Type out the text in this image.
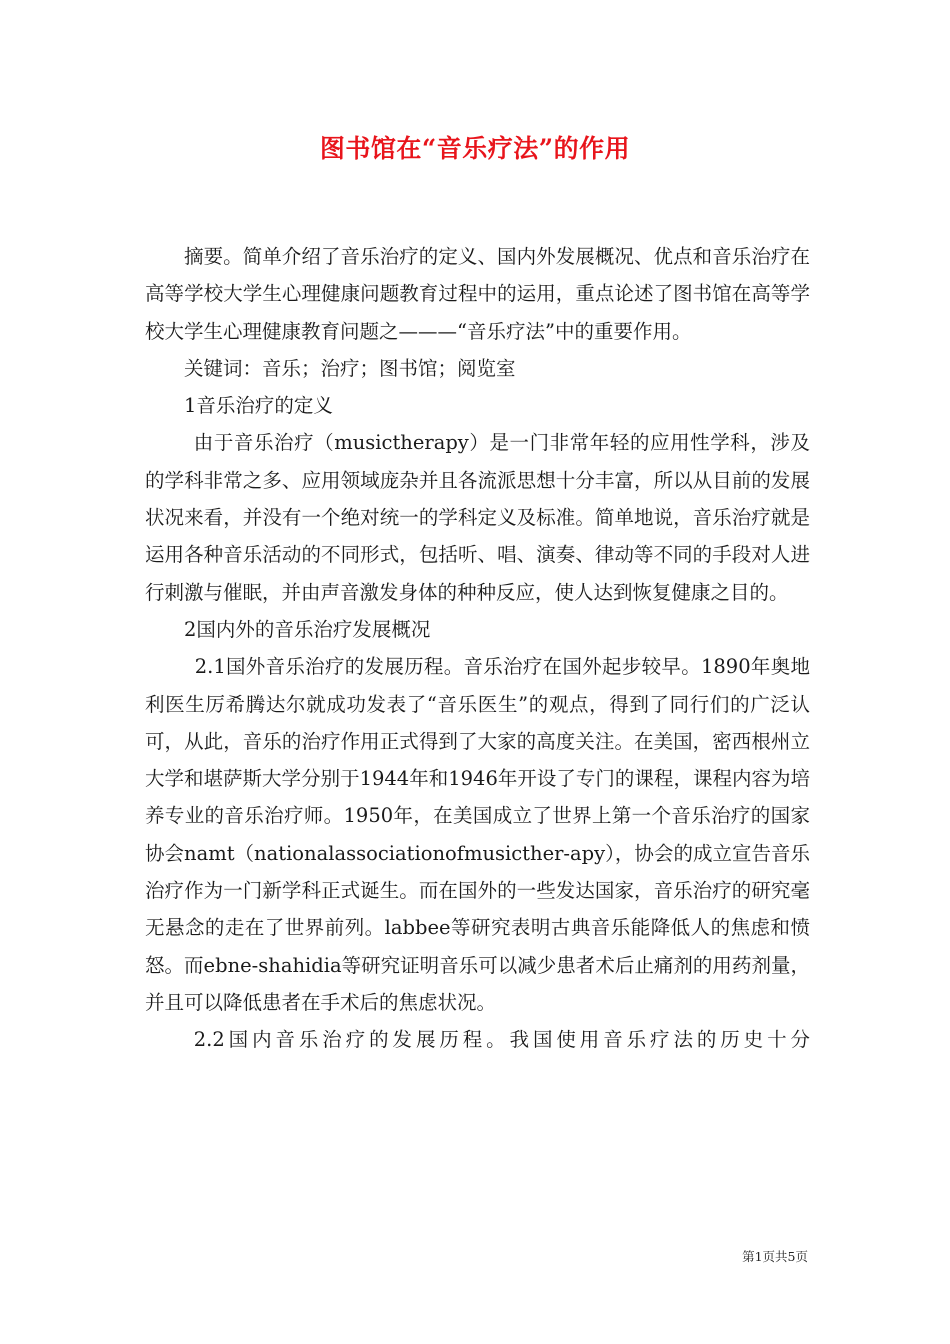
图书馆在“音乐疗法”的作用

摘要。简单介绍了音乐治疗的定义、国内外发展概况、优点和音乐治疗在高等学校大学生心理健康问题教育过程中的运用，重点论述了图书馆在高等学校大学生心理健康教育问题之———“音乐疗法”中的重要作用。

关键词：音乐；治疗；图书馆；阅览室

1音乐治疗的定义

由于音乐治疗（musictherapy）是一门非常年轻的应用性学科，涉及的学科非常之多、应用领域庞杂并且各流派思想十分丰富，所以从目前的发展状况来看，并没有一个绝对统一的学科定义及标准。简单地说，音乐治疗就是运用各种音乐活动的不同形式，包括听、唱、演奏、律动等不同的手段对人进行刺激与催眠，并由声音激发身体的种种反应，使人达到恢复健康之目的。

2国内外的音乐治疗发展概况

2.1国外音乐治疗的发展历程。音乐治疗在国外起步较早。1890年奥地利医生厉希腾达尔就成功发表了“音乐医生”的观点，得到了同行们的广泛认可，从此，音乐的治疗作用正式得到了大家的高度关注。在美国，密西根州立大学和堪萨斯大学分别于1944年和1946年开设了专门的课程，课程内容为培养专业的音乐治疗师。1950年，在美国成立了世界上第一个音乐治疗的国家协会namt（nationalassociationofmusicther-apy），协会的成立宣告音乐治疗作为一门新学科正式诞生。而在国外的一些发达国家，音乐治疗的研究毫无悬念的走在了世界前列。labbee等研究表明古典音乐能降低人的焦虑和愤怒。而ebne-shahidia等研究证明音乐可以减少患者术后止痛剂的用药剂量，并且可以降低患者在手术后的焦虑状况。

2.2国内音乐治疗的发展历程。我国使用音乐疗法的历史十分

第1页共5页
